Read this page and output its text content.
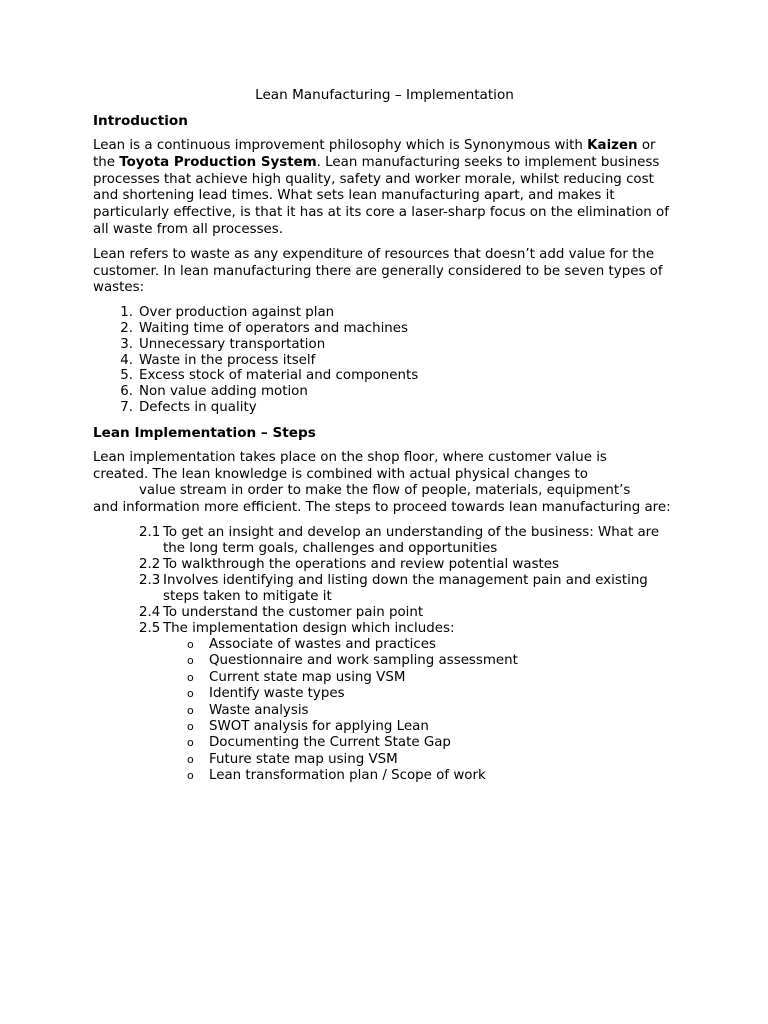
Lean Manufacturing – Implementation
Introduction

Lean is a continuous improvement philosophy which is Synonymous with Kaizen or the Toyota Production System. Lean manufacturing seeks to implement business processes that achieve high quality, safety and worker morale, whilst reducing cost and shortening lead times. What sets lean manufacturing apart, and makes it particularly effective, is that it has at its core a laser-sharp focus on the elimination of all waste from all processes.

Lean refers to waste as any expenditure of resources that doesn’t add value for the customer. In lean manufacturing there are generally considered to be seven types of wastes:

1. Over production against plan
2. Waiting time of operators and machines
3. Unnecessary transportation
4. Waste in the process itself
5. Excess stock of material and components
6. Non value adding motion
7. Defects in quality
Lean Implementation – Steps

Lean implementation takes place on the shop floor, where customer value is
created. The lean knowledge is combined with actual physical changes to
value stream in order to make the flow of people, materials, equipment’s
and information more efficient. The steps to proceed towards lean manufacturing are:

2.1 To get an insight and develop an understanding of the business: What are the long term goals, challenges and opportunities
2.2 To walkthrough the operations and review potential wastes
2.3 Involves identifying and listing down the management pain and existing steps taken to mitigate it
2.4 To understand the customer pain point
2.5 The implementation design which includes:
o	Associate of wastes and practices
o	Questionnaire and work sampling assessment
o	Current state map using VSM
o	Identify waste types
o	Waste analysis
o	SWOT analysis for applying Lean
o	Documenting the Current State Gap
o	Future state map using VSM
o	Lean transformation plan / Scope of work
